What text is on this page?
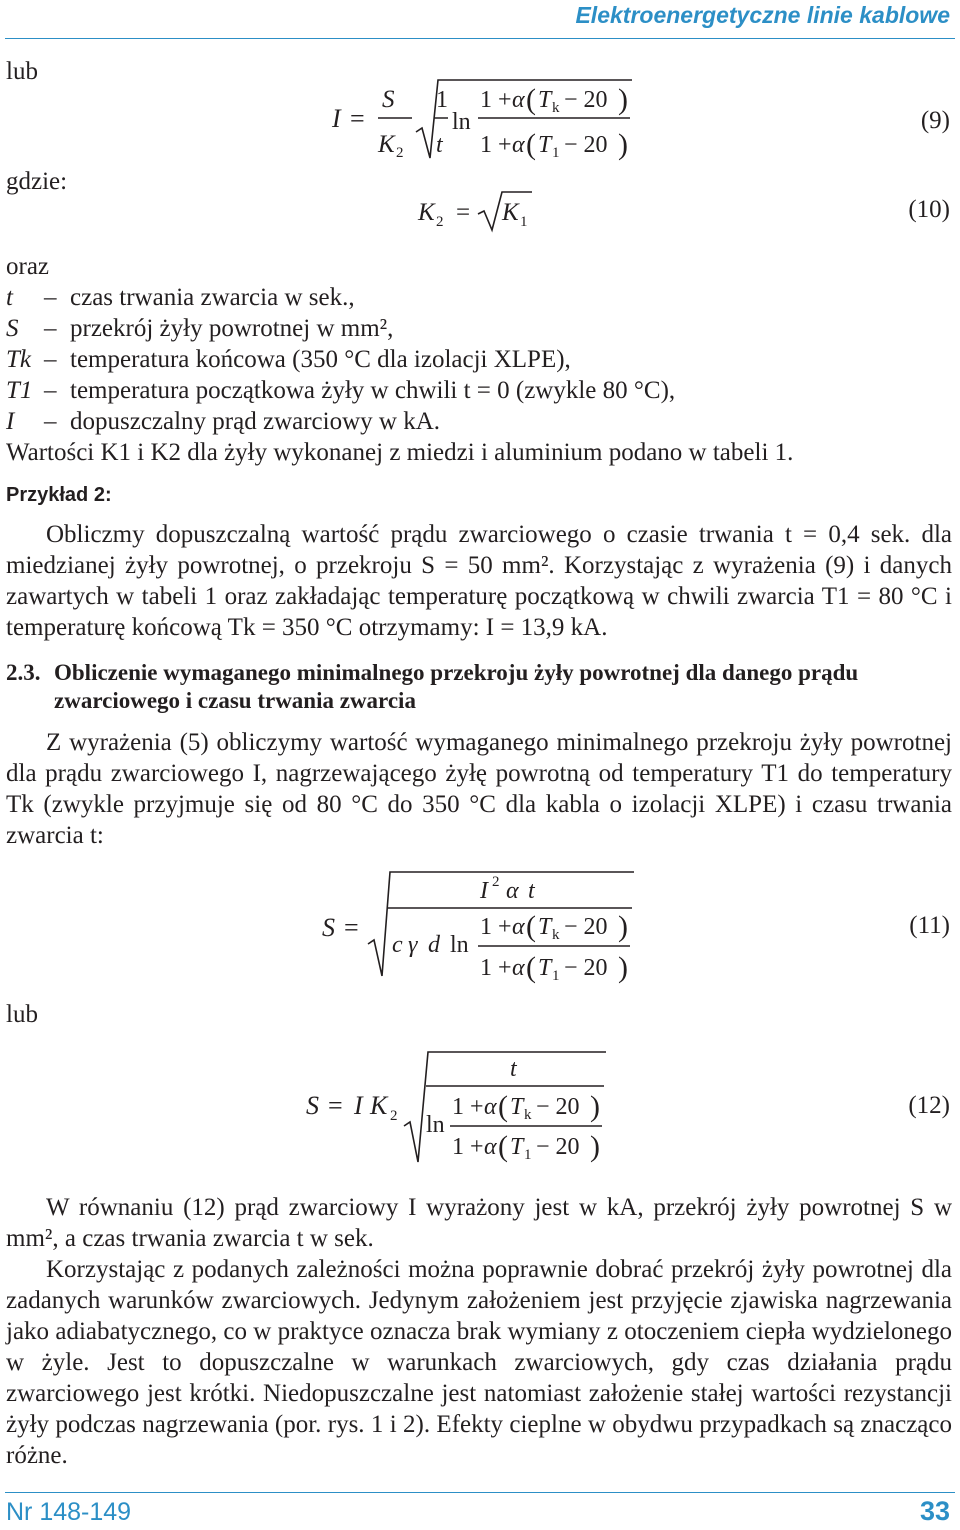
Elektroenergetyczne linie kablowe
lub
gdzie:
I =
S
K 2
1
t
ln
1 + α ( T k − 20 )
1 + α ( T 1 − 20 )
(9)
K 2 = K 1	(10)
oraz
t – czas trwania zwarcia w sek.,
S – przekrój żyły powrotnej w mm²,
Tk – temperatura końcowa (350 °C dla izolacji XLPE),
T1 – temperatura początkowa żyły w chwili t = 0 (zwykle 80 °C),
I – dopuszczalny prąd zwarciowy w kA.
Wartości K1 i K2 dla żyły wykonanej z miedzi i aluminium podano w tabeli 1.
Przykład 2:
Obliczmy dopuszczalną wartość prądu zwarciowego o czasie trwania t = 0,4 sek. dla miedzianej żyły powrotnej, o przekroju S = 50 mm². Korzystając z wyrażenia (9) i danych zawartych w tabeli 1 oraz zakładając temperaturę początkową w chwili zwarcia T1 = 80 °C i temperaturę końcową Tk = 350 °C otrzymamy: I = 13,9 kA.
2.3. Obliczenie wymaganego minimalnego przekroju żyły powrotnej dla danego prądu
zwarciowego i czasu trwania zwarcia
Z wyrażenia (5) obliczymy wartość wymaganego minimalnego przekroju żyły powrotnej dla prądu zwarciowego I, nagrzewającego żyłę powrotną od temperatury T1 do temperatury Tk (zwykle przyjmuje się od 80 °C do 350 °C dla kabla o izolacji XLPE) i czasu trwania zwarcia t:
S =
I 2 α t
c γ d ln
1 + α ( T k − 20 )
1 + α ( T 1 − 20 )
(11)
lub
S = I K 2
t
ln
1 + α ( T k − 20 )
1 + α ( T 1 − 20 )
(12)
W równaniu (12) prąd zwarciowy I wyrażony jest w kA, przekrój żyły powrotnej S w mm², a czas trwania zwarcia t w sek.
Korzystając z podanych zależności można poprawnie dobrać przekrój żyły powrotnej dla zadanych warunków zwarciowych. Jedynym założeniem jest przyjęcie zjawiska nagrzewania jako adiabatycznego, co w praktyce oznacza brak wymiany z otoczeniem ciepła wydzielonego w żyle. Jest to dopuszczalne w warunkach zwarciowych, gdy czas działania prądu zwarciowego jest krótki. Niedopuszczalne jest natomiast założenie stałej wartości rezystancji żyły podczas nagrzewania (por. rys. 1 i 2). Efekty cieplne w obydwu przypadkach są znacząco różne.
Nr 148-149	33
